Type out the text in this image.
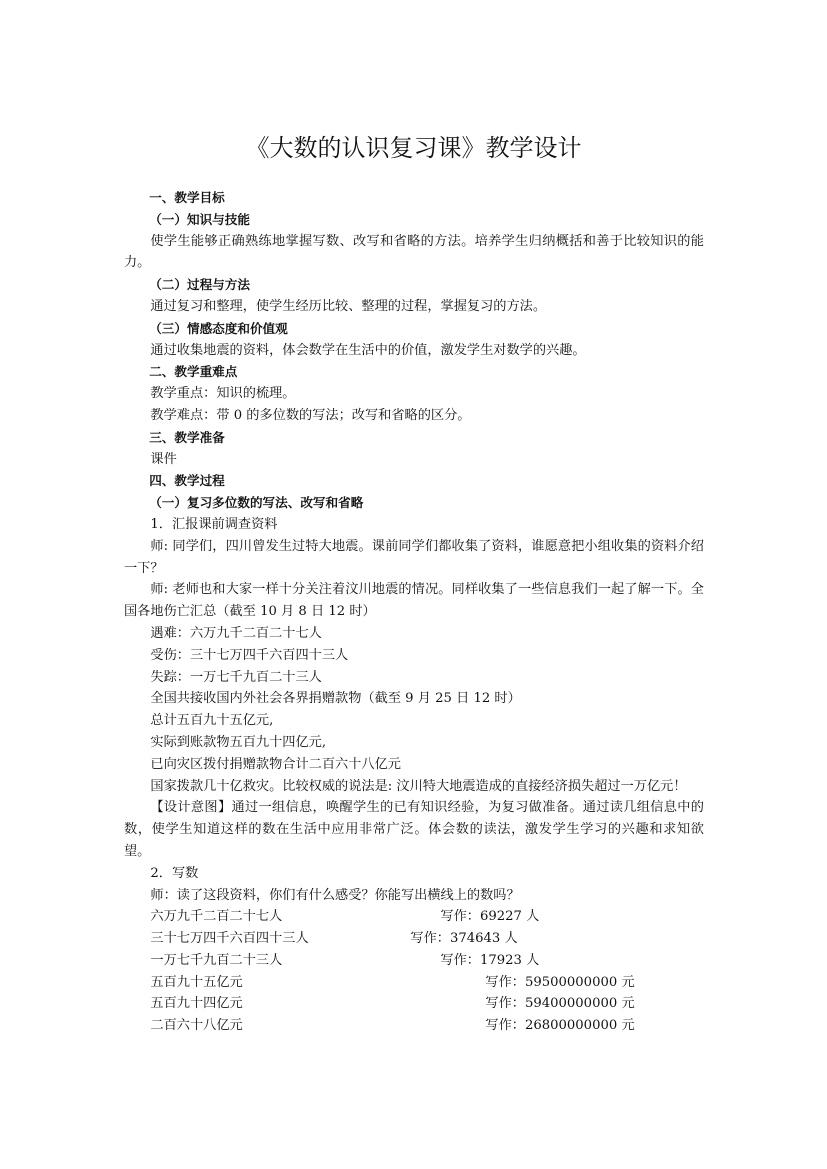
《大数的认识复习课》教学设计

一、教学目标

（一）知识与技能

使学生能够正确熟练地掌握写数、改写和省略的方法。培养学生归纳概括和善于比较知识的能力。

（二）过程与方法

通过复习和整理，使学生经历比较、整理的过程，掌握复习的方法。

（三）情感态度和价值观

通过收集地震的资料，体会数学在生活中的价值，激发学生对数学的兴趣。

二、教学重难点

教学重点：知识的梳理。

教学难点：带 0 的多位数的写法；改写和省略的区分。

三、教学准备

课件

四、教学过程

（一）复习多位数的写法、改写和省略

1．汇报课前调查资料

师: 同学们，四川曾发生过特大地震。课前同学们都收集了资料，谁愿意把小组收集的资料介绍一下？

师: 老师也和大家一样十分关注着汶川地震的情况。同样收集了一些信息我们一起了解一下。全国各地伤亡汇总（截至 10 月 8 日 12 时）

遇难：六万九千二百二十七人

受伤：三十七万四千六百四十三人

失踪：一万七千九百二十三人

全国共接收国内外社会各界捐赠款物（截至 9 月 25 日 12 时）

总计五百九十五亿元,

实际到账款物五百九十四亿元,

已向灾区拨付捐赠款物合计二百六十八亿元

国家拨款几十亿救灾。比较权威的说法是: 汶川特大地震造成的直接经济损失超过一万亿元！

【设计意图】通过一组信息，唤醒学生的已有知识经验，为复习做准备。通过读几组信息中的数，使学生知道这样的数在生活中应用非常广泛。体会数的读法，激发学生学习的兴趣和求知欲望。

2．写数

师：读了这段资料，你们有什么感受？你能写出横线上的数吗？

六万九千二百二十七人	写作：69227 人
三十七万四千六百四十三人	写作：374643 人
一万七千九百二十三人	写作：17923 人
五百九十五亿元	写作：59500000000 元
五百九十四亿元	写作：59400000000 元
二百六十八亿元	写作：26800000000 元
